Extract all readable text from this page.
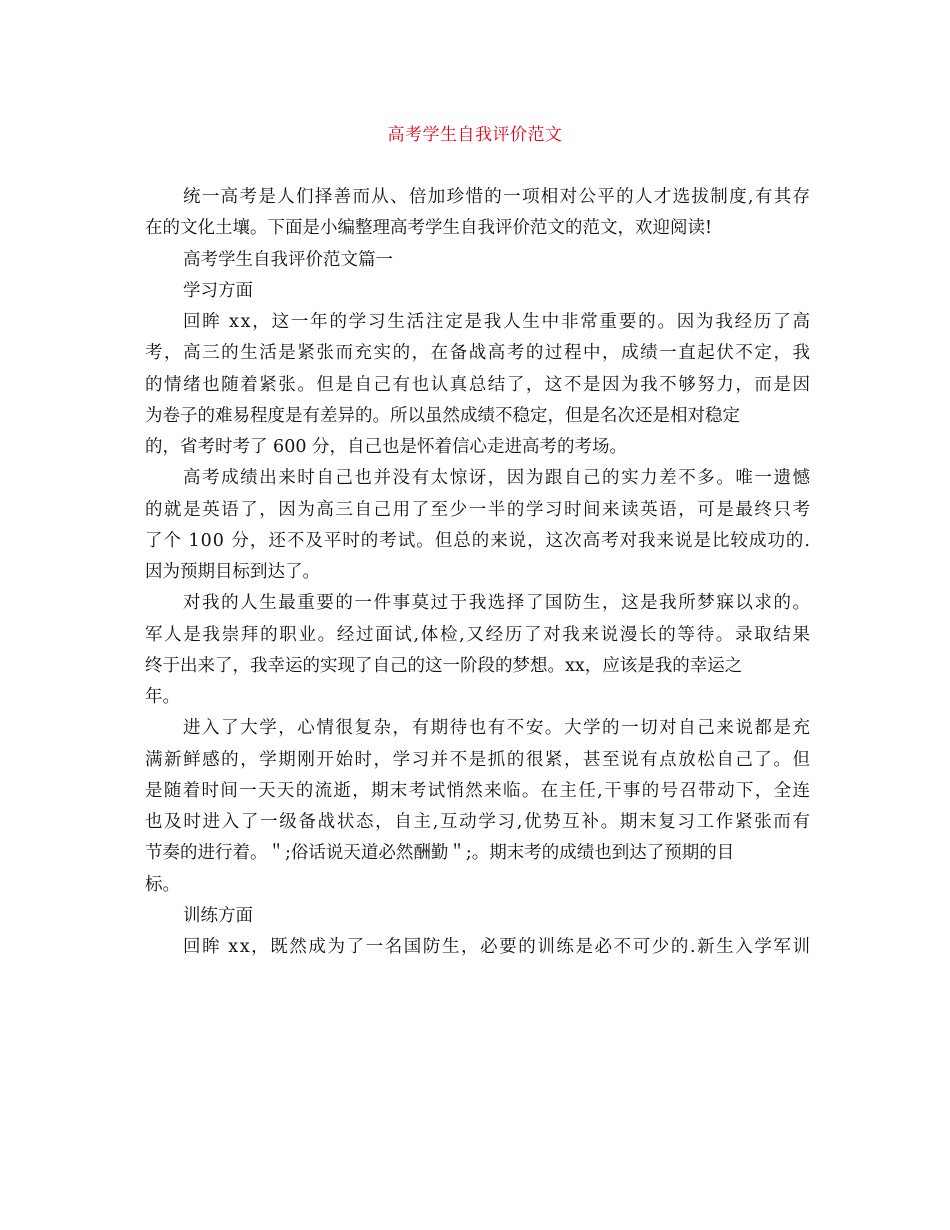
高考学生自我评价范文
统一高考是人们择善而从、倍加珍惜的一项相对公平的人才选拔制度,有其存
在的文化土壤。下面是小编整理高考学生自我评价范文的范文，欢迎阅读!
高考学生自我评价范文篇一
学习方面
回眸 xx，这一年的学习生活注定是我人生中非常重要的。因为我经历了高
考，高三的生活是紧张而充实的，在备战高考的过程中，成绩一直起伏不定，我
的情绪也随着紧张。但是自己有也认真总结了，这不是因为我不够努力，而是因
为卷子的难易程度是有差异的。所以虽然成绩不稳定，但是名次还是相对稳定
的，省考时考了 600 分，自己也是怀着信心走进高考的考场。
高考成绩出来时自己也并没有太惊讶，因为跟自己的实力差不多。唯一遗憾
的就是英语了，因为高三自己用了至少一半的学习时间来读英语，可是最终只考
了个 100 分，还不及平时的考试。但总的来说，这次高考对我来说是比较成功的.
因为预期目标到达了。
对我的人生最重要的一件事莫过于我选择了国防生，这是我所梦寐以求的。
军人是我崇拜的职业。经过面试,体检,又经历了对我来说漫长的等待。录取结果
终于出来了，我幸运的实现了自己的这一阶段的梦想。xx，应该是我的幸运之
年。
进入了大学，心情很复杂，有期待也有不安。大学的一切对自己来说都是充
满新鲜感的，学期刚开始时，学习并不是抓的很紧，甚至说有点放松自己了。但
是随着时间一天天的流逝，期末考试悄然来临。在主任,干事的号召带动下，全连
也及时进入了一级备战状态，自主,互动学习,优势互补。期末复习工作紧张而有
节奏的进行着。＂;俗话说天道必然酬勤＂;。期末考的成绩也到达了预期的目
标。
训练方面
回眸 xx，既然成为了一名国防生，必要的训练是必不可少的.新生入学军训
